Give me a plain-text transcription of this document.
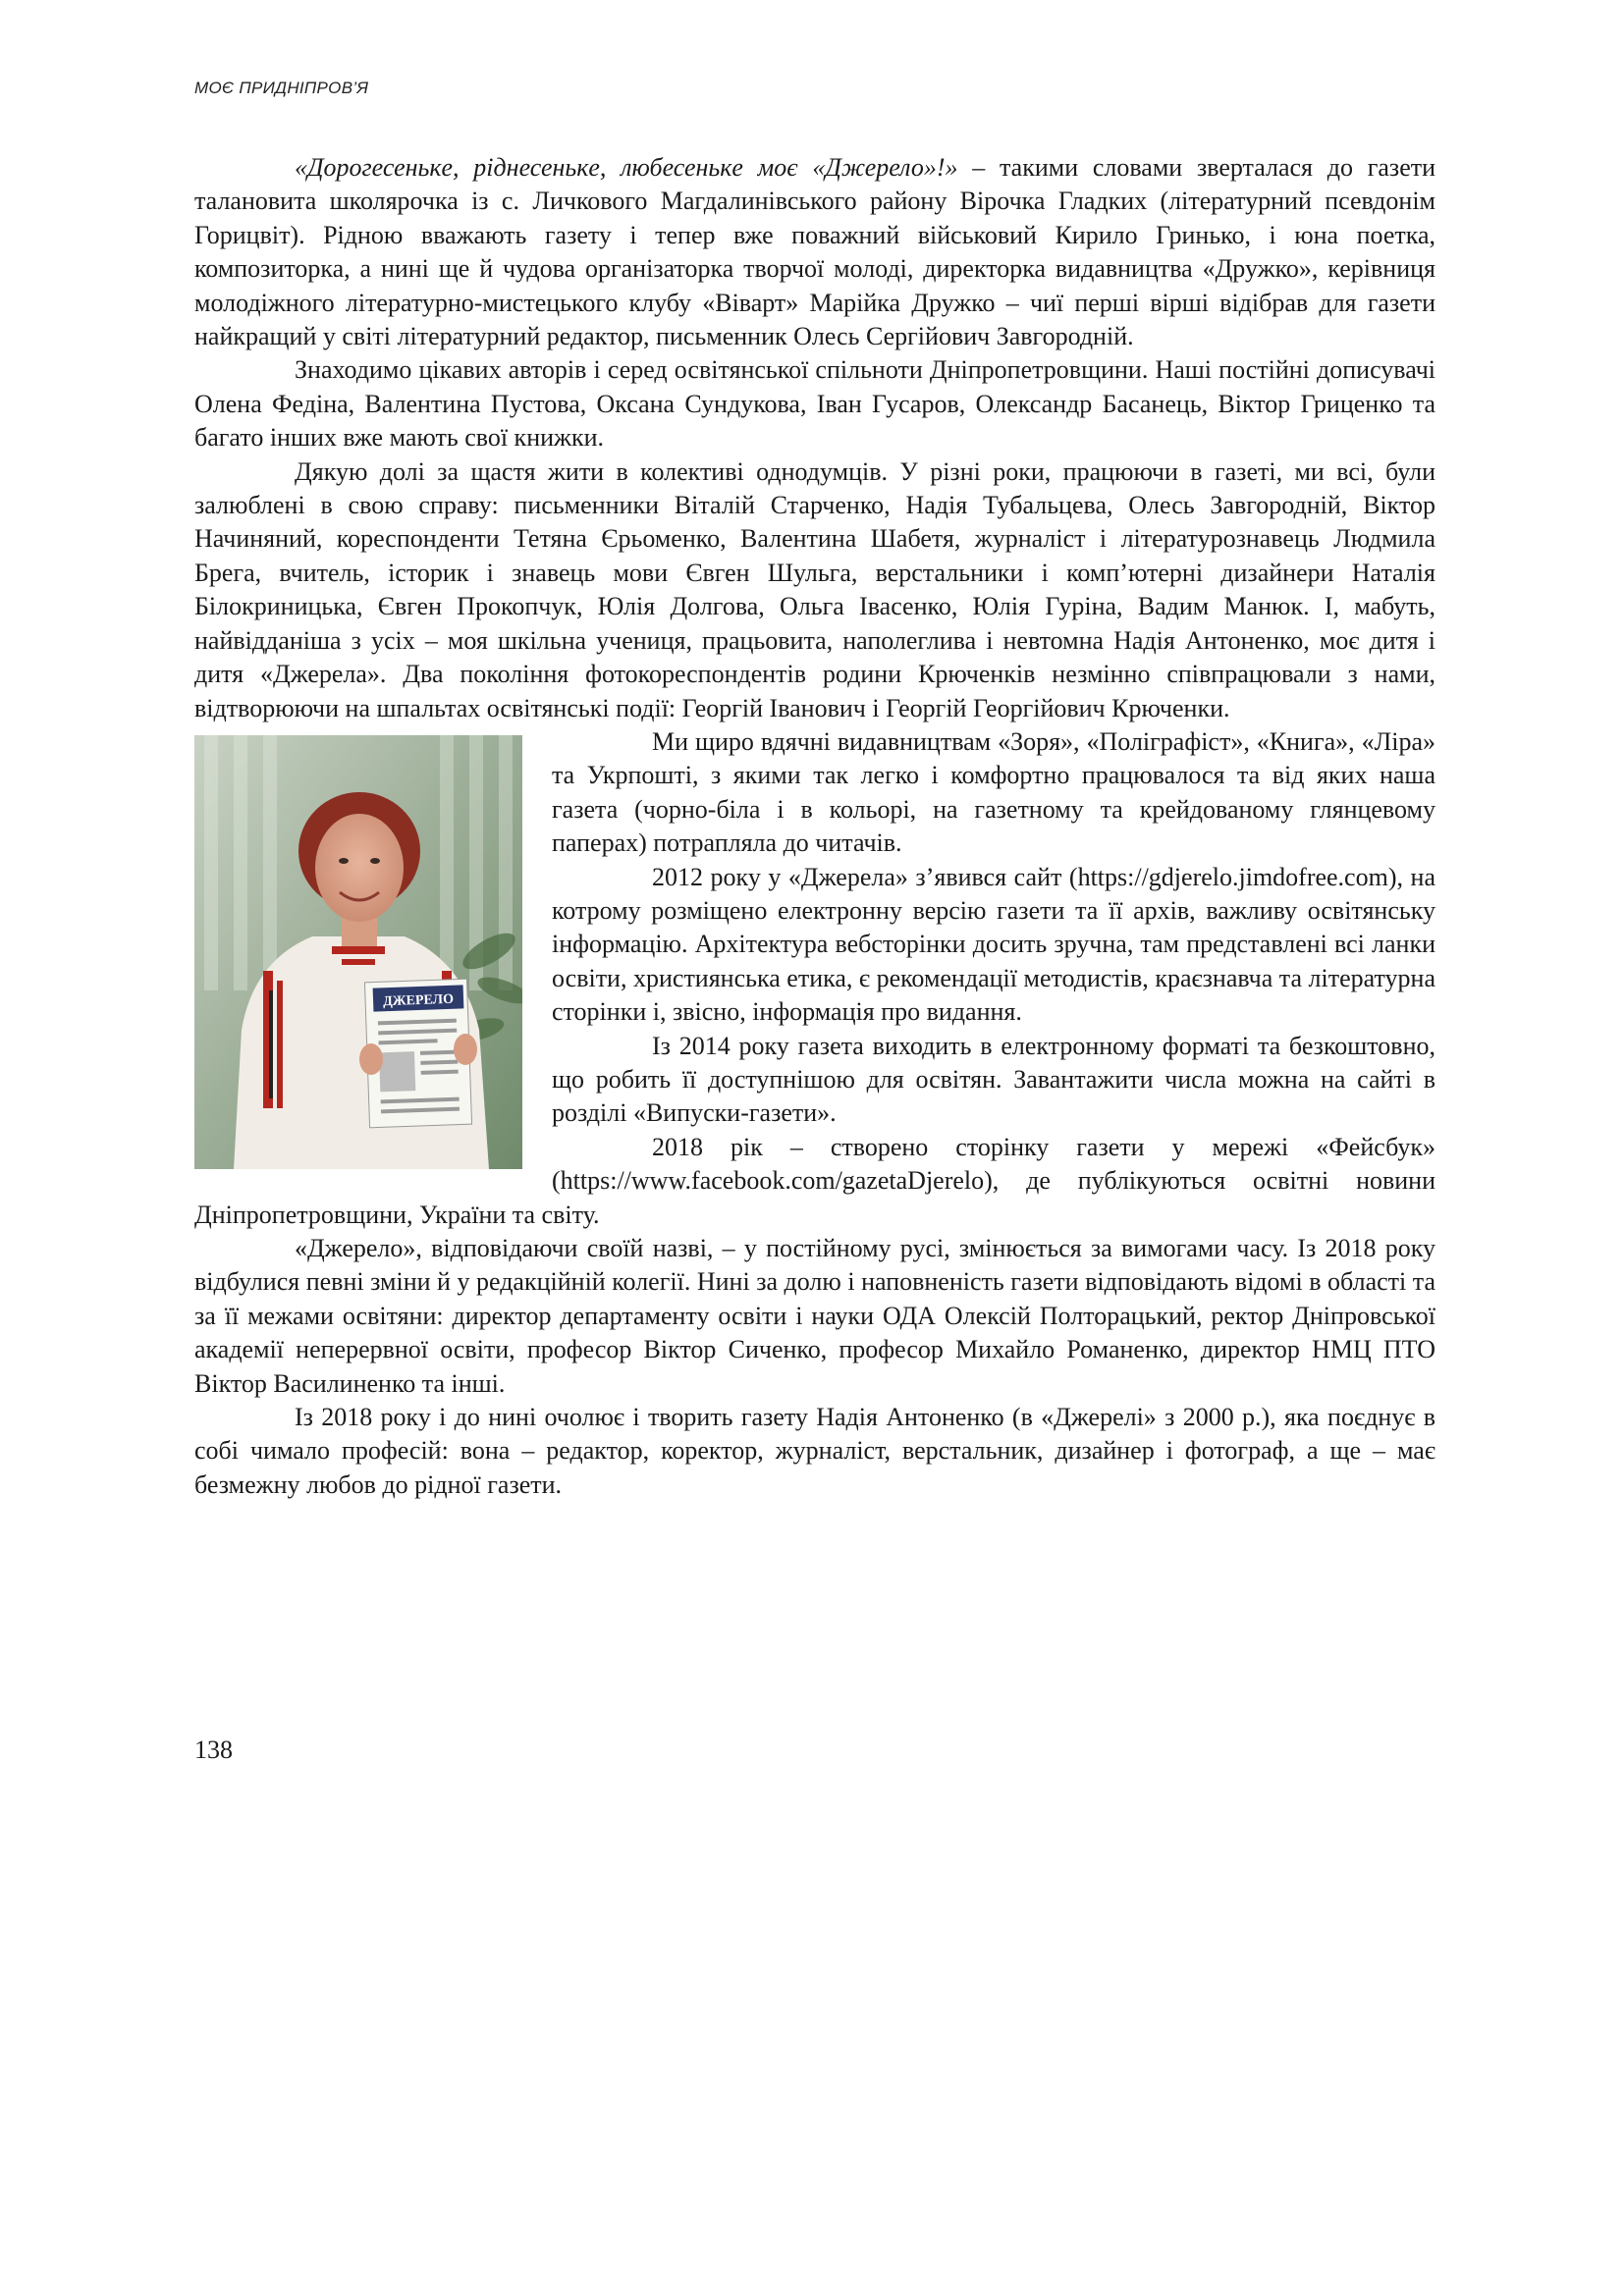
МОЄ ПРИДНІПРОВ’Я

«Дорогесенькe, ріднесенькe, любесенькe моє «Джерело»!» – такими словами зверталася до газети талановита школярочка із с. Личкового Магдалинівського району Вірочка Гладких (літературний псевдонім Горицвіт). Рідною вважають газету і тепер вже поважний військовий Кирило Гринько, і юна поетка, композиторка, а нині ще й чудова організаторка творчої молоді, директорка видавництва «Дружко», керівниця молодіжного літературно-мистецького клубу «Віварт» Марійка Дружко – чиї перші вірші відібрав для газети найкращий у світі літературний редактор, письменник Олесь Сергійович Завгородній.

Знаходимо цікавих авторів і серед освітянської спільноти Дніпропетровщини. Наші постійні дописувачі Олена Федіна, Валентина Пустова, Оксана Сундукова, Іван Гусаров, Олександр Басанець, Віктор Гриценко та багато інших вже мають свої книжки.

Дякую долі за щастя жити в колективі однодумців. У різні роки, працюючи в газеті, ми всі, були залюблені в свою справу: письменники Віталій Старченко, Надія Тубальцева, Олесь Завгородній, Віктор Начиняний, кореспонденти Тетяна Єрьоменко, Валентина Шабетя, журналіст і літературознавець Людмила Брега, вчитель, історик і знавець мови Євген Шульга, верстальники і комп’ютерні дизайнери Наталія Білокриницька, Євген Прокопчук, Юлія Долгова, Ольга Івасенко, Юлія Гуріна, Вадим Манюк. І, мабуть, найвідданіша з усіх – моя шкільна учениця, працьовита, наполеглива і невтомна Надія Антоненко, моє дитя і дитя «Джерела». Два покоління фотокореспондентів родини Крюченків незмінно співпрацювали з нами, відтворюючи на шпальтах освітянські події: Георгій Іванович і Георгій Георгійович Крюченки.

ДЖЕРЕЛО

Ми щиро вдячні видавництвам «Зоря», «Поліграфіст», «Книга», «Ліра» та Укрпошті, з якими так легко і комфортно працювалося та від яких наша газета (чорно-біла і в кольорі, на газетному та крейдованому глянцевому паперах) потрапляла до читачів.

2012 року у «Джерела» з’явився сайт (https://gdjerelo.jimdofree.com), на котрому розміщено електронну версію газети та її архів, важливу освітянську інформацію. Архітектура вебсторінки досить зручна, там представлені всі ланки освіти, християнська етика, є рекомендації методистів, краєзнавча та літературна сторінки і, звісно, інформація про видання.

Із 2014 року газета виходить в електронному форматі та безкоштовно, що робить її доступнішою для освітян. Завантажити числа можна на сайті в розділі «Випуски-газети».

2018 рік – створено сторінку газети у мережі «Фейсбук» (https://www.facebook.com/gazetaDjerelo), де публікуються освітні новини Дніпропетровщини, України та світу.

«Джерело», відповідаючи своїй назві, – у постійному русі, змінюється за вимогами часу. Із 2018 року відбулися певні зміни й у редакційній колегії. Нині за долю і наповненість газети відповідають відомі в області та за її межами освітяни: директор департаменту освіти і науки ОДА Олексій Полторацький, ректор Дніпровської академії неперервної освіти, професор Віктор Сиченко, професор Михайло Романенко, директор НМЦ ПТО Віктор Василиненко та інші.

Із 2018 року і до нині очолює і творить газету Надія Антоненко (в «Джерелі» з 2000 р.), яка поєднує в собі чимало професій: вона – редактор, коректор, журналіст, верстальник, дизайнер і фотограф, а ще – має безмежну любов до рідної газети.

138
